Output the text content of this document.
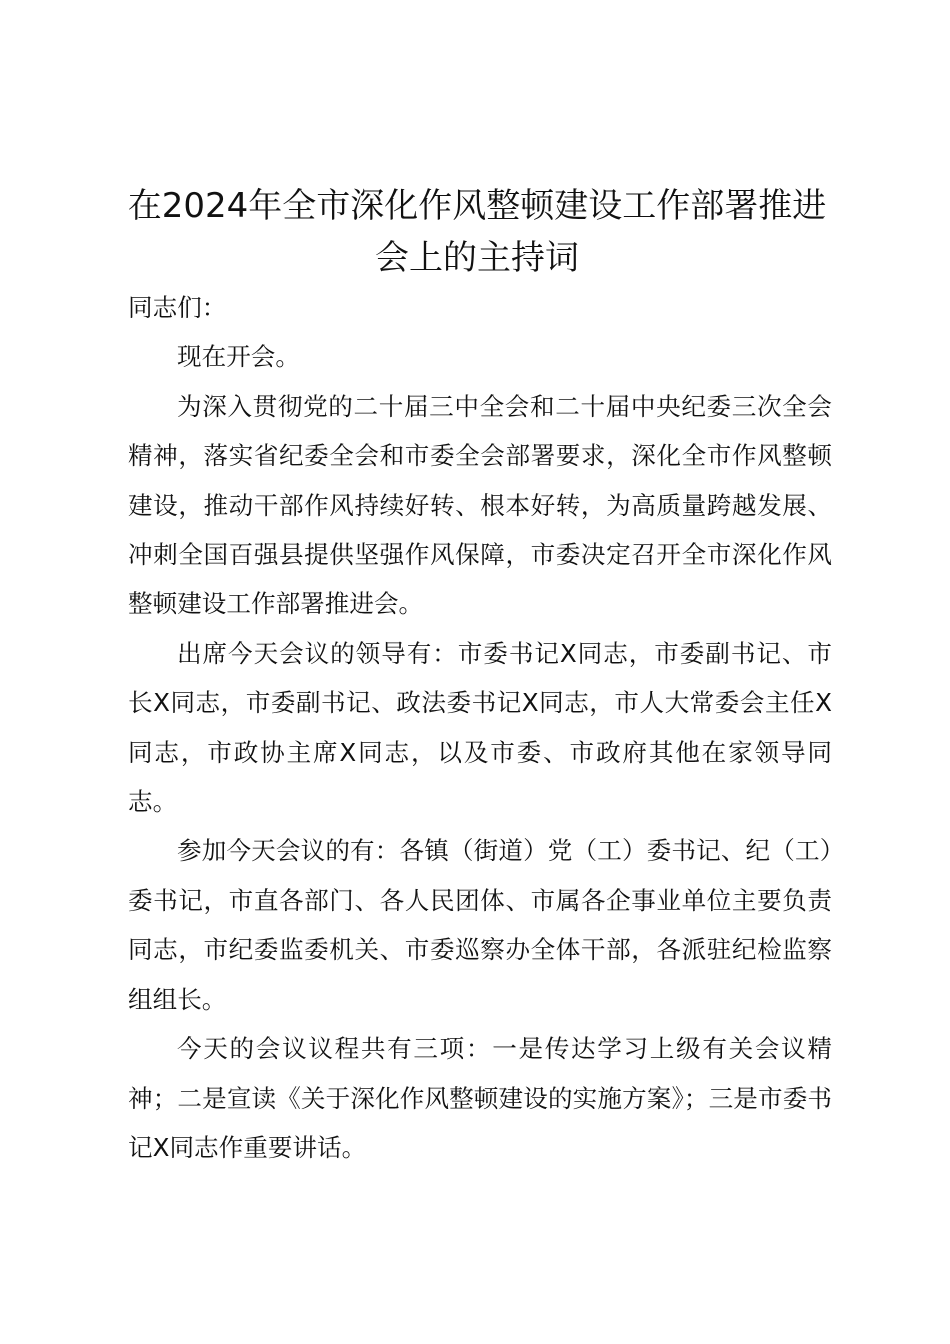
在2024年全市深化作风整顿建设工作部署推进会上的主持词

同志们：

现在开会。

为深入贯彻党的二十届三中全会和二十届中央纪委三次全会精神，落实省纪委全会和市委全会部署要求，深化全市作风整顿建设，推动干部作风持续好转、根本好转，为高质量跨越发展、冲刺全国百强县提供坚强作风保障，市委决定召开全市深化作风整顿建设工作部署推进会。

出席今天会议的领导有：市委书记X同志，市委副书记、市长X同志，市委副书记、政法委书记X同志，市人大常委会主任X同志，市政协主席X同志，以及市委、市政府其他在家领导同志。

参加今天会议的有：各镇（街道）党（工）委书记、纪（工）委书记，市直各部门、各人民团体、市属各企事业单位主要负责同志，市纪委监委机关、市委巡察办全体干部，各派驻纪检监察组组长。

今天的会议议程共有三项：一是传达学习上级有关会议精神；二是宣读《关于深化作风整顿建设的实施方案》；三是市委书记X同志作重要讲话。
